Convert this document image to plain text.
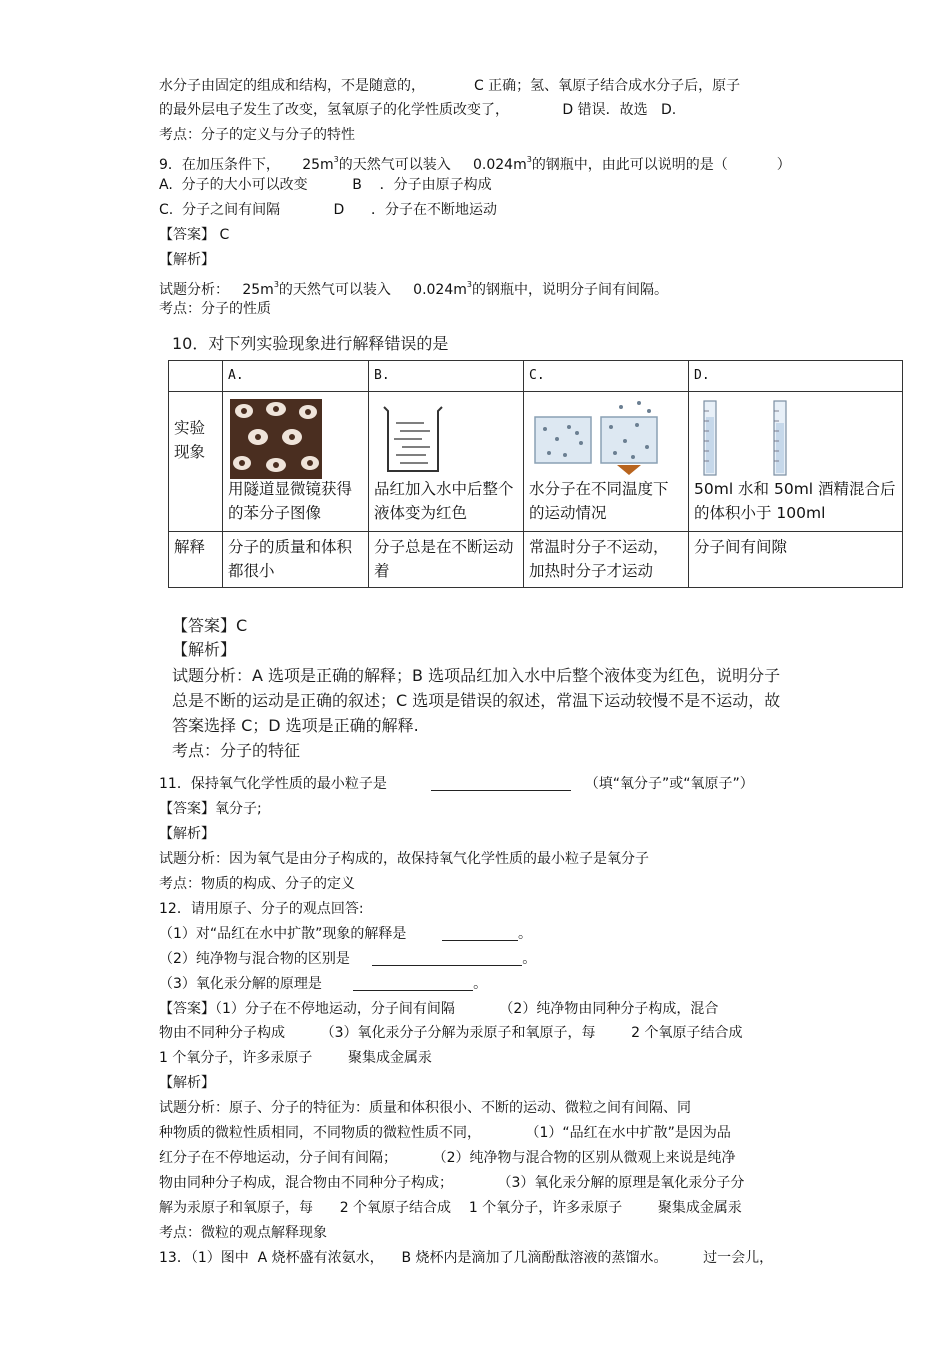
水分子由固定的组成和结构，不是随意的，	C 正确；氢、氧原子结合成水分子后，原子
的最外层电子发生了改变，氢氧原子的化学性质改变了，	D 错误．故选   D.
考点：分子的定义与分子的特性
9．在加压条件下， $25m^3$的天然气可以装入 $0.024m^3$的钢瓶中，由此可以说明的是（	）
A.  分子的大小可以改变	B    ．分子由原子构成
C.  分子之间有间隔	D      ．分子在不断地运动
【答案】 C
【解析】
试题分析： $25m^3$的天然气可以装入 $0.024m^3$的钢瓶中，说明分子间有间隔。
考点：分子的性质
10．对下列实验现象进行解释错误的是
	A.	B.	C.	D.
实验
现象	用隧道显微镜获得的苯分子图像	品红加入水中后整个液体变为红色	水分子在不同温度下的运动情况	50ml 水和 50ml 酒精混合后的体积小于 100ml

解释	分子的质量和体积都很小	分子总是在不断运动着	常温时分子不运动，加热时分子才运动	分子间有间隙
【答案】C
【解析】
试题分析：A 选项是正确的解释；B 选项品红加入水中后整个液体变为红色，说明分子
总是不断的运动是正确的叙述；C 选项是错误的叙述，常温下运动较慢不是不运动，故
答案选择 C；D 选项是正确的解释.
考点：分子的特征
11．保持氧气化学性质的最小粒子是	（填“氧分子”或“氧原子”）
【答案】氧分子;
【解析】
试题分析：因为氧气是由分子构成的，故保持氧气化学性质的最小粒子是氧分子
考点：物质的构成、分子的定义
12．请用原子、分子的观点回答:
（1）对“品红在水中扩散”现象的解释是	。
（2）纯净物与混合物的区别是	。
（3）氧化汞分解的原理是	。
【答案】（1）分子在不停地运动，分子间有间隔          （2）纯净物由同种分子构成，混合
物由不同种分子构成        （3）氧化汞分子分解为汞原子和氧原子，每        2 个氧原子结合成
1 个氧分子，许多汞原子        聚集成金属汞
【解析】
试题分析：原子、分子的特征为：质量和体积很小、不断的运动、微粒之间有间隔、同
种物质的微粒性质相同，不同物质的微粒性质不同，          （1）“品红在水中扩散”是因为品
红分子在不停地运动，分子间有间隔；        （2）纯净物与混合物的区别从微观上来说是纯净
物由同种分子构成，混合物由不同种分子构成；          （3）氧化汞分解的原理是氧化汞分子分
解为汞原子和氧原子，每      2 个氧原子结合成    1 个氧分子，许多汞原子        聚集成金属汞
考点：微粒的观点解释现象
13．（1）图中  A 烧杯盛有浓氨水，    B 烧杯内是滴加了几滴酚酞溶液的蒸馏水。        过一会儿，
